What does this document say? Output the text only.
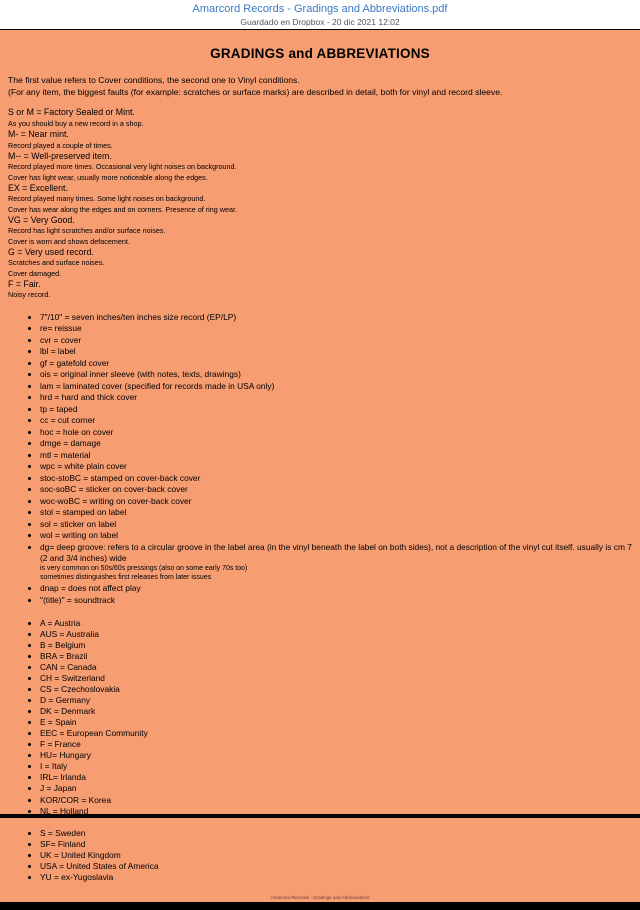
Amarcord Records - Gradings and Abbreviations.pdf
Guardado en Dropbox - 20 dic 2021 12:02
GRADINGS and ABBREVIATIONS

The first value refers to Cover conditions, the second one to Vinyl conditions.

(For any item, the biggest faults (for example: scratches or surface marks) are described in detail, both for vinyl and record sleeve.

S or M = Factory Sealed or Mint.

As you should buy a new record in a shop.

M- = Near mint.

Record played a couple of times.

M-- = Well-preserved item.

Record played more times. Occasional very light noises on background.

Cover has light wear, usually more noticeable along the edges.

EX = Excellent.

Record played many times. Some light noises on background.

Cover has wear along the edges and on corners. Presence of ring wear.

VG = Very Good.

Record has light scratches and/or surface noises.

Cover is worn and shows defacement.

G = Very used record.

Scratches and surface noises.

Cover damaged.

F = Fair.

Noisy record.

• 7"/10" = seven inches/ten inches size record (EP/LP)
• re= reissue
• cvr = cover
• lbl = label
• gf = gatefold cover
• ois = original inner sleeve (with notes, texts, drawings)
• lam = laminated cover (specified for records made in USA only)
• hrd = hard and thick cover
• tp = taped
• cc = cut corner
• hoc = hole on cover
• dmge = damage
• mtl = material
• wpc = white plain cover
• stoc-stoBC = stamped on cover-back cover
• soc-soBC = sticker on cover-back cover
• woc-woBC = writing on cover-back cover
• stol = stamped on label
• sol = sticker on label
• wol = writing on label
• dg= deep groove: refers to a circular groove in the label area (in the vinyl beneath the label on both sides), not a description of the vinyl cut itself. usually is cm 7 (2 and 3/4 inches) wide
is very common on 50s/60s pressings (also on some early 70s too)
sometimes distinguishes first releases from later issues
• dnap = does not affect play
• "(title)" = soundtrack
• A = Austria
• AUS = Australia
• B = Belgium
• BRA = Brazil
• CAN = Canada
• CH = Switzerland
• CS = Czechoslovakia
• D = Germany
• DK = Denmark
• E = Spain
• EEC = European Community
• F = France
• HU= Hungary
• I = Italy
• IRL= Irlanda
• J = Japan
• KOR/COR = Korea
• NL = Holland
• S = Sweden
• SF= Finland
• UK = United Kingdom
• USA = United States of America
• YU = ex-Yugoslavia
Amarcord Records - Gradings and Abbreviations
